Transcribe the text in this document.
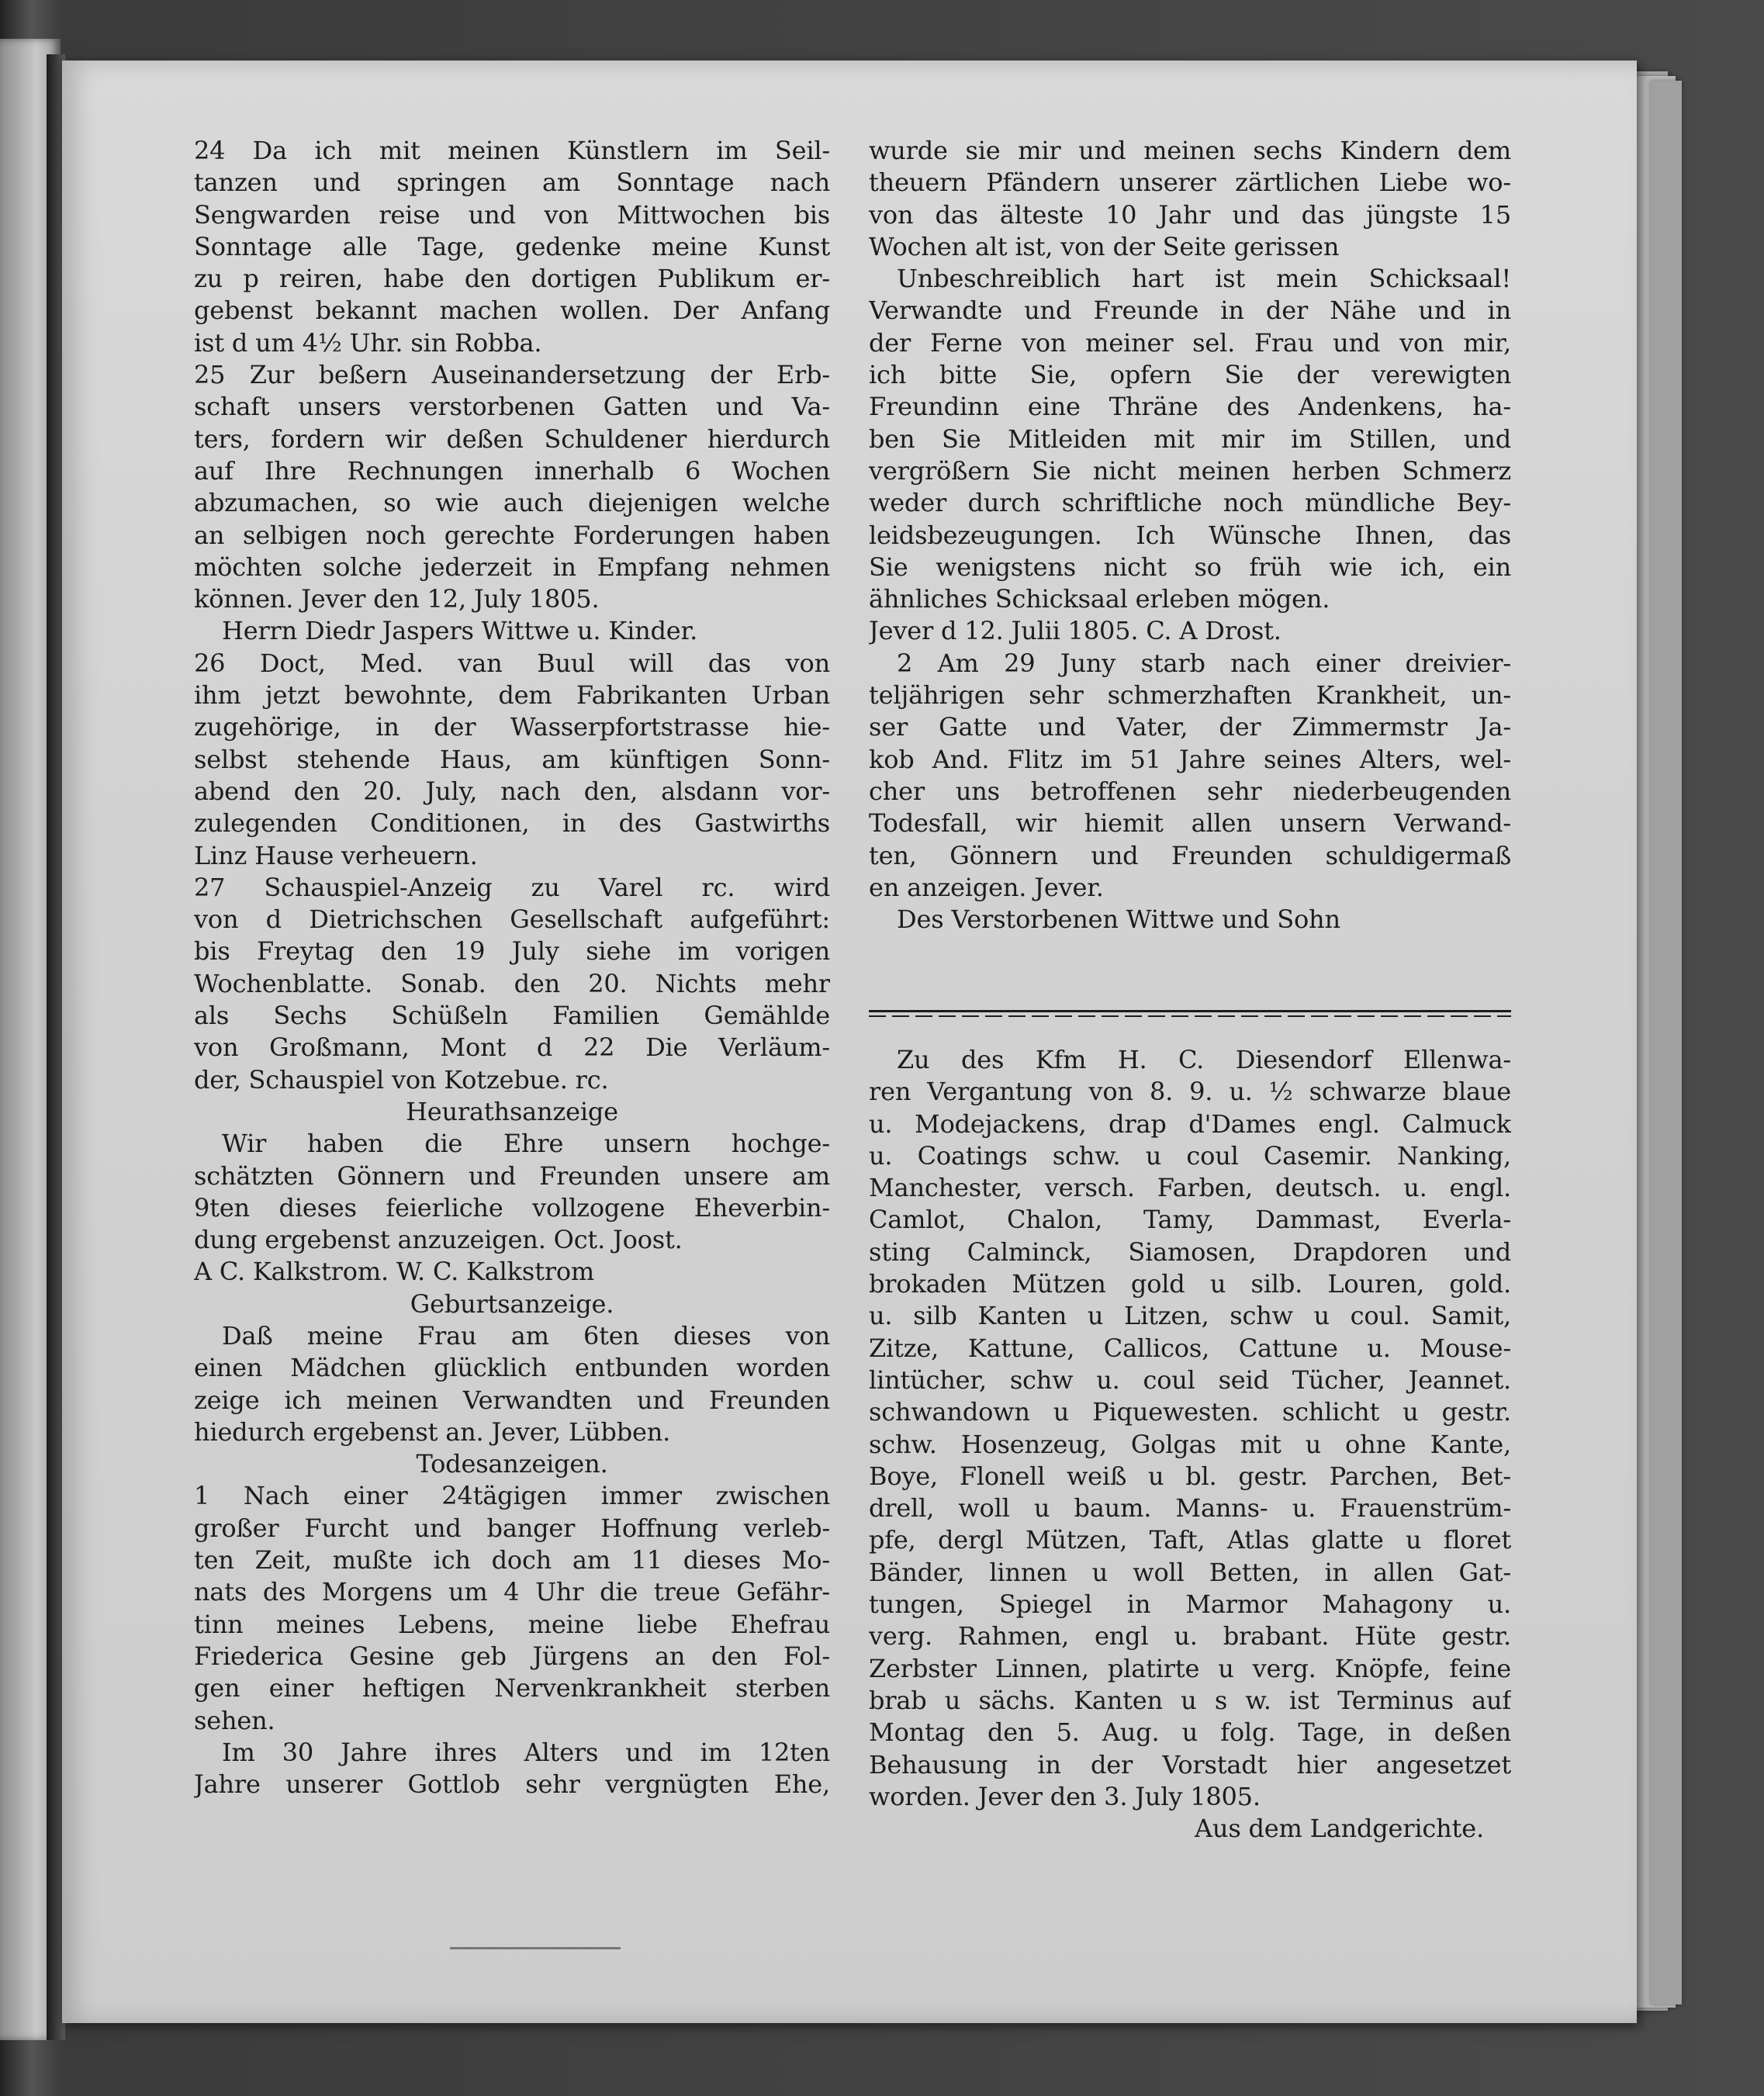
24 Da ich mit meinen Künstlern im Seil-
tanzen und springen am Sonntage nach
Sengwarden reise und von Mittwochen bis
Sonntage alle Tage, gedenke meine Kunst
zu p reiren, habe den dortigen Publikum er-
gebenst bekannt machen wollen. Der Anfang
ist d um 4½ Uhr. sin Robba.
25 Zur beßern Auseinandersetzung der Erb-
schaft unsers verstorbenen Gatten und Va-
ters, fordern wir deßen Schuldener hierdurch
auf Ihre Rechnungen innerhalb 6 Wochen
abzumachen, so wie auch diejenigen welche
an selbigen noch gerechte Forderungen haben
möchten solche jederzeit in Empfang nehmen
können. Jever den 12, July 1805.
Herrn Diedr Jaspers Wittwe u. Kinder.
26 Doct, Med. van Buul will das von
ihm jetzt bewohnte, dem Fabrikanten Urban
zugehörige, in der Wasserpfortstrasse hie-
selbst stehende Haus, am künftigen Sonn-
abend den 20. July, nach den, alsdann vor-
zulegenden Conditionen, in des Gastwirths
Linz Hause verheuern.
27 Schauspiel-Anzeig zu Varel rc. wird
von d Dietrichschen Gesellschaft aufgeführt:
bis Freytag den 19 July siehe im vorigen
Wochenblatte. Sonab. den 20. Nichts mehr
als Sechs Schüßeln Familien Gemählde
von Großmann, Mont d 22 Die Verläum-
der, Schauspiel von Kotzebue. rc.
Heurathsanzeige
Wir haben die Ehre unsern hochge-
schätzten Gönnern und Freunden unsere am
9ten dieses feierliche vollzogene Eheverbin-
dung ergebenst anzuzeigen. Oct. Joost.
A C. Kalkstrom. W. C. Kalkstrom
Geburtsanzeige.
Daß meine Frau am 6ten dieses von
einen Mädchen glücklich entbunden worden
zeige ich meinen Verwandten und Freunden
hiedurch ergebenst an. Jever, Lübben.
Todesanzeigen.
1 Nach einer 24tägigen immer zwischen
großer Furcht und banger Hoffnung verleb-
ten Zeit, mußte ich doch am 11 dieses Mo-
nats des Morgens um 4 Uhr die treue Gefähr-
tinn meines Lebens, meine liebe Ehefrau
Friederica Gesine geb Jürgens an den Fol-
gen einer heftigen Nervenkrankheit sterben
sehen.
Im 30 Jahre ihres Alters und im 12ten
Jahre unserer Gottlob sehr vergnügten Ehe,
wurde sie mir und meinen sechs Kindern dem
theuern Pfändern unserer zärtlichen Liebe wo-
von das älteste 10 Jahr und das jüngste 15
Wochen alt ist, von der Seite gerissen
Unbeschreiblich hart ist mein Schicksaal!
Verwandte und Freunde in der Nähe und in
der Ferne von meiner sel. Frau und von mir,
ich bitte Sie, opfern Sie der verewigten
Freundinn eine Thräne des Andenkens, ha-
ben Sie Mitleiden mit mir im Stillen, und
vergrößern Sie nicht meinen herben Schmerz
weder durch schriftliche noch mündliche Bey-
leidsbezeugungen. Ich Wünsche Ihnen, das
Sie wenigstens nicht so früh wie ich, ein
ähnliches Schicksaal erleben mögen.
Jever d 12. Julii 1805. C. A Drost.
2 Am 29 Juny starb nach einer dreivier-
teljährigen sehr schmerzhaften Krankheit, un-
ser Gatte und Vater, der Zimmermstr Ja-
kob And. Flitz im 51 Jahre seines Alters, wel-
cher uns betroffenen sehr niederbeugenden
Todesfall, wir hiemit allen unsern Verwand-
ten, Gönnern und Freunden schuldigermaß
en anzeigen. Jever.
Des Verstorbenen Wittwe und Sohn
Zu des Kfm H. C. Diesendorf Ellenwa-
ren Vergantung von 8. 9. u. ½ schwarze blaue
u. Modejackens, drap d'Dames engl. Calmuck
u. Coatings schw. u coul Casemir. Nanking,
Manchester, versch. Farben, deutsch. u. engl.
Camlot, Chalon, Tamy, Dammast, Everla-
sting Calminck, Siamosen, Drapdoren und
brokaden Mützen gold u silb. Louren, gold.
u. silb Kanten u Litzen, schw u coul. Samit,
Zitze, Kattune, Callicos, Cattune u. Mouse-
lintücher, schw u. coul seid Tücher, Jeannet.
schwandown u Piquewesten. schlicht u gestr.
schw. Hosenzeug, Golgas mit u ohne Kante,
Boye, Flonell weiß u bl. gestr. Parchen, Bet-
drell, woll u baum. Manns- u. Frauenstrüm-
pfe, dergl Mützen, Taft, Atlas glatte u floret
Bänder, linnen u woll Betten, in allen Gat-
tungen, Spiegel in Marmor Mahagony u.
verg. Rahmen, engl u. brabant. Hüte gestr.
Zerbster Linnen, platirte u verg. Knöpfe, feine
brab u sächs. Kanten u s w. ist Terminus auf
Montag den 5. Aug. u folg. Tage, in deßen
Behausung in der Vorstadt hier angesetzet
worden. Jever den 3. July 1805.
Aus dem Landgerichte.
